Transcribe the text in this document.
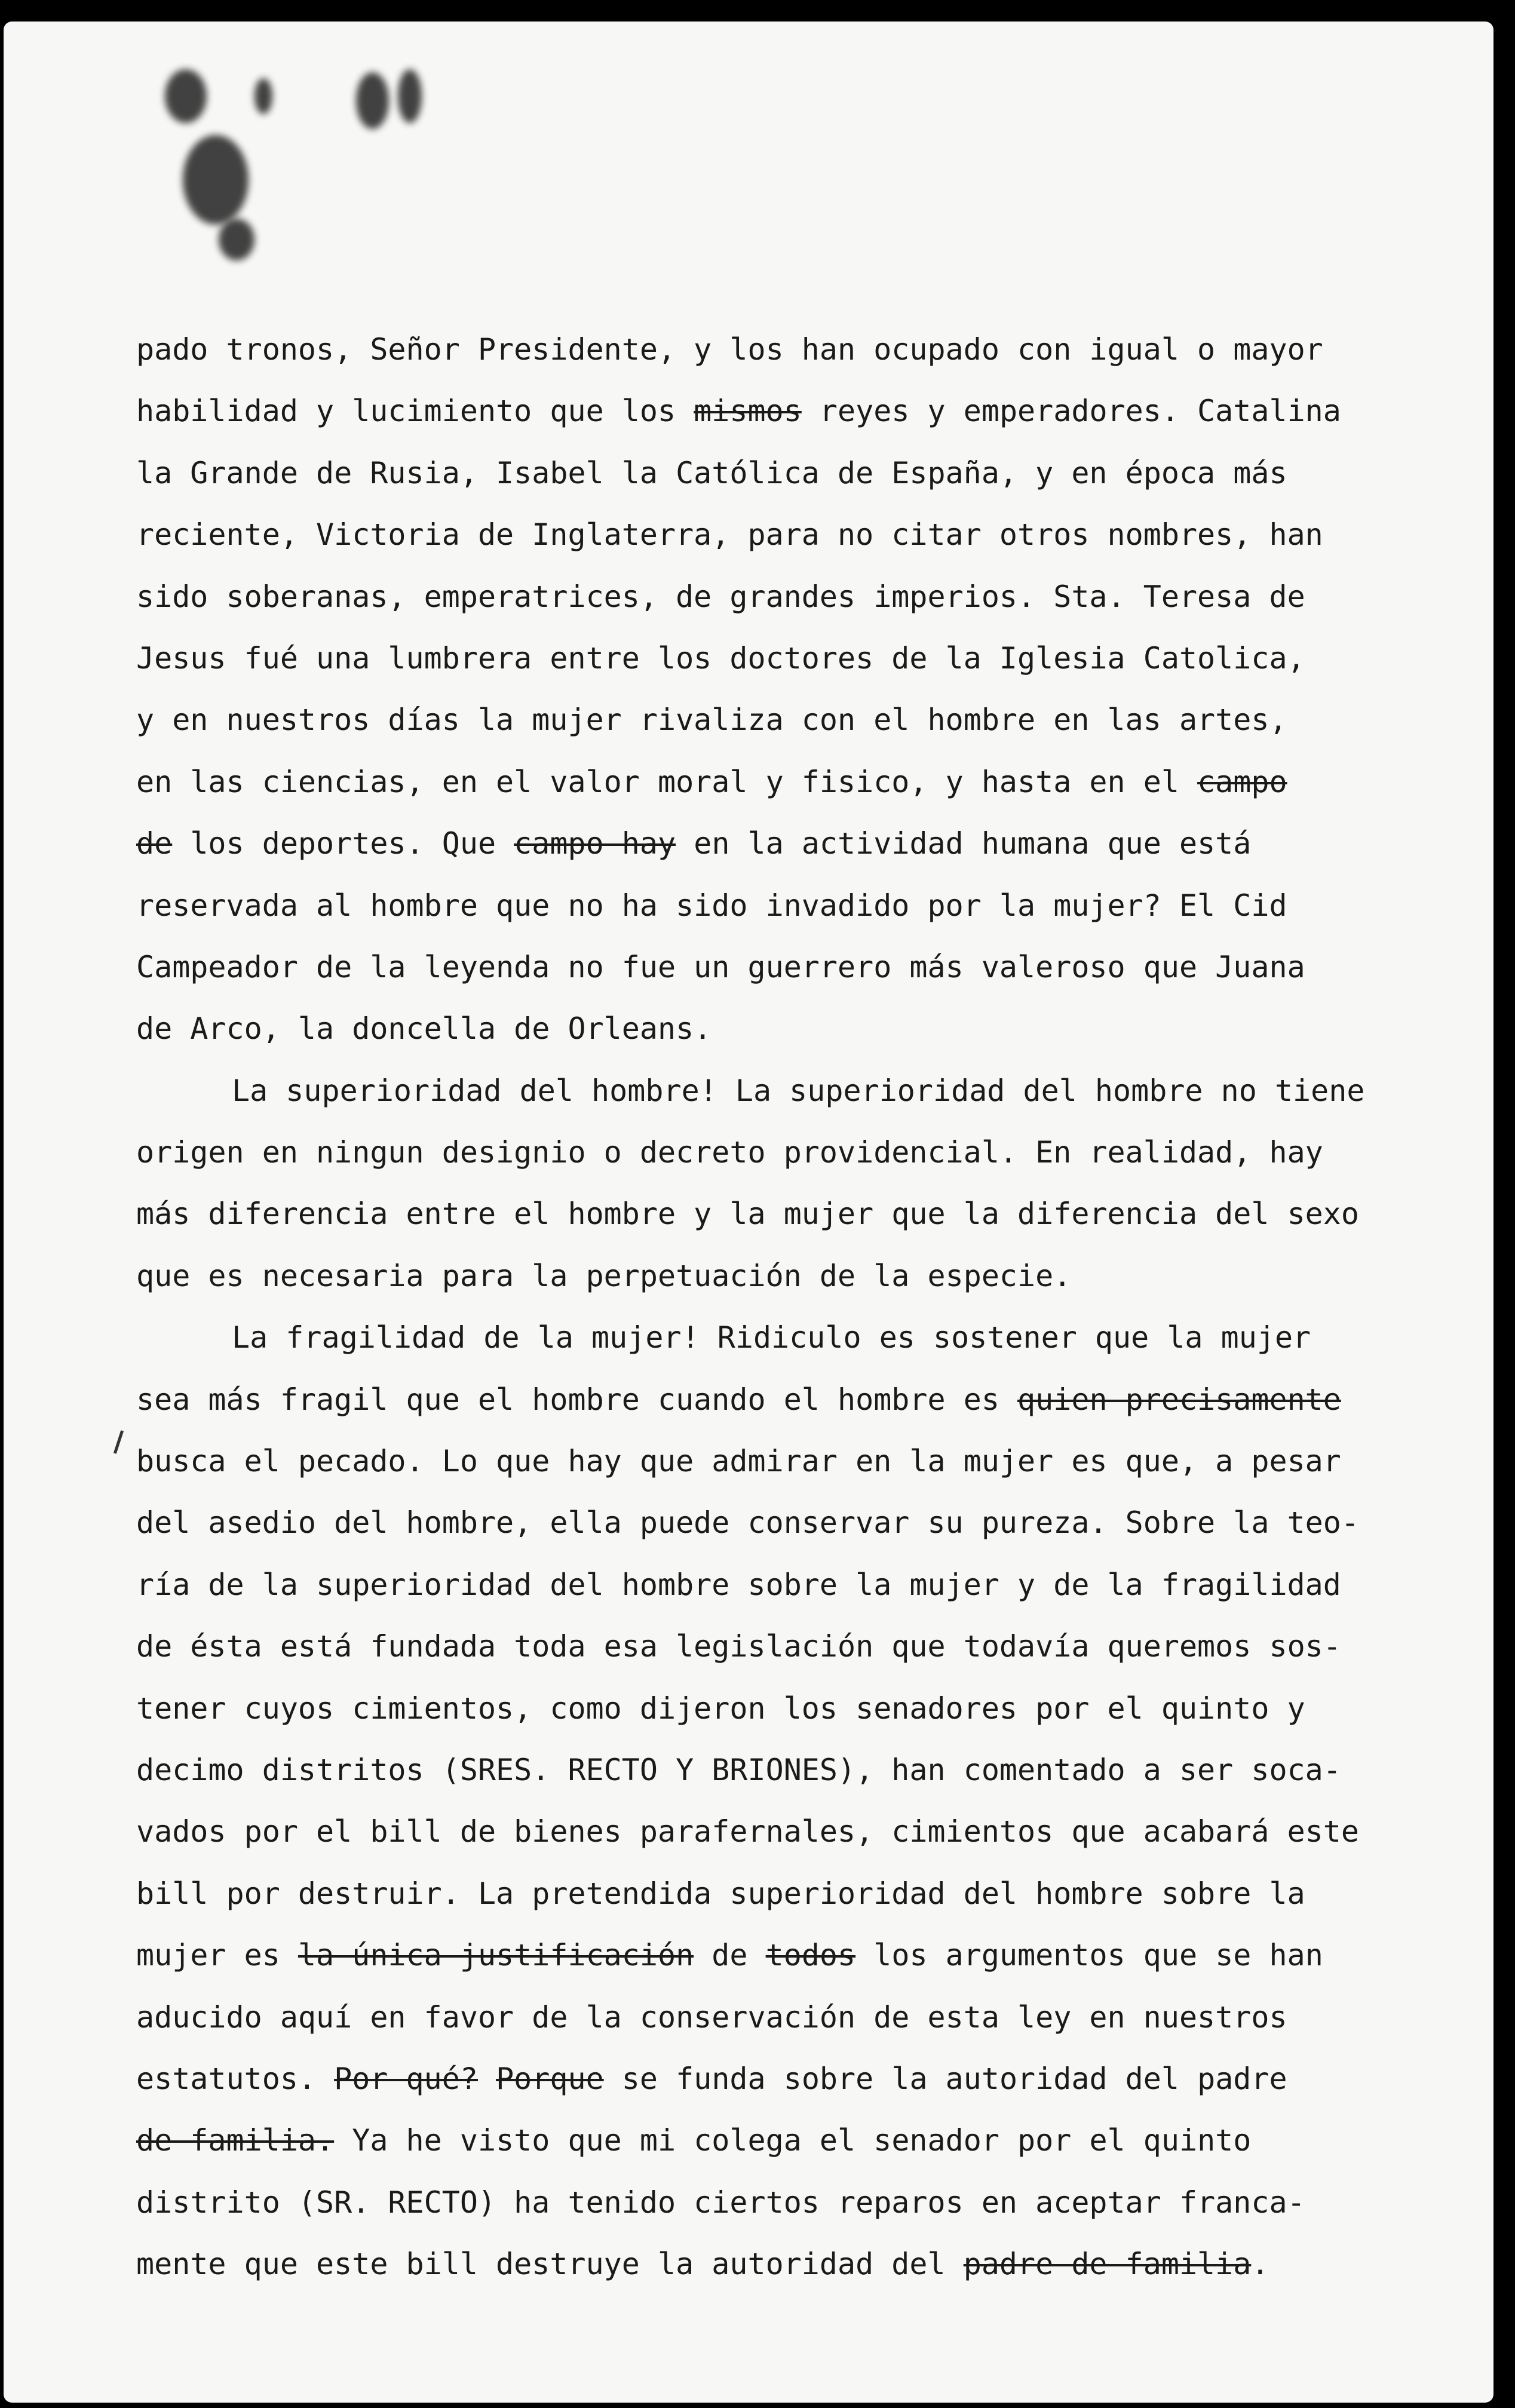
pado tronos, Señor Presidente, y los han ocupado con igual o mayor
habilidad y lucimiento que los mismos reyes y emperadores. Catalina
la Grande de Rusia, Isabel la Católica de España, y en época más
reciente, Victoria de Inglaterra, para no citar otros nombres, han
sido soberanas, emperatrices, de grandes imperios. Sta. Teresa de
Jesus fué una lumbrera entre los doctores de la Iglesia Catolica,
y en nuestros días la mujer rivaliza con el hombre en las artes,
en las ciencias, en el valor moral y fisico, y hasta en el campo
de los deportes. Que campo hay en la actividad humana que está
reservada al hombre que no ha sido invadido por la mujer? El Cid
Campeador de la leyenda no fue un guerrero más valeroso que Juana
de Arco, la doncella de Orleans.
La superioridad del hombre! La superioridad del hombre no tiene
origen en ningun designio o decreto providencial. En realidad, hay
más diferencia entre el hombre y la mujer que la diferencia del sexo
que es necesaria para la perpetuación de la especie.
La fragilidad de la mujer! Ridiculo es sostener que la mujer
sea más fragil que el hombre cuando el hombre es quien precisamente
busca el pecado. Lo que hay que admirar en la mujer es que, a pesar
del asedio del hombre, ella puede conservar su pureza. Sobre la teo-
ría de la superioridad del hombre sobre la mujer y de la fragilidad
de ésta está fundada toda esa legislación que todavía queremos sos-
tener cuyos cimientos, como dijeron los senadores por el quinto y
decimo distritos (SRES. RECTO Y BRIONES), han comentado a ser soca-
vados por el bill de bienes parafernales, cimientos que acabará este
bill por destruir. La pretendida superioridad del hombre sobre la
mujer es la única justificación de todos los argumentos que se han
aducido aquí en favor de la conservación de esta ley en nuestros
estatutos. Por qué? Porque se funda sobre la autoridad del padre
de familia. Ya he visto que mi colega el senador por el quinto
distrito (SR. RECTO) ha tenido ciertos reparos en aceptar franca-
mente que este bill destruye la autoridad del padre de familia.
